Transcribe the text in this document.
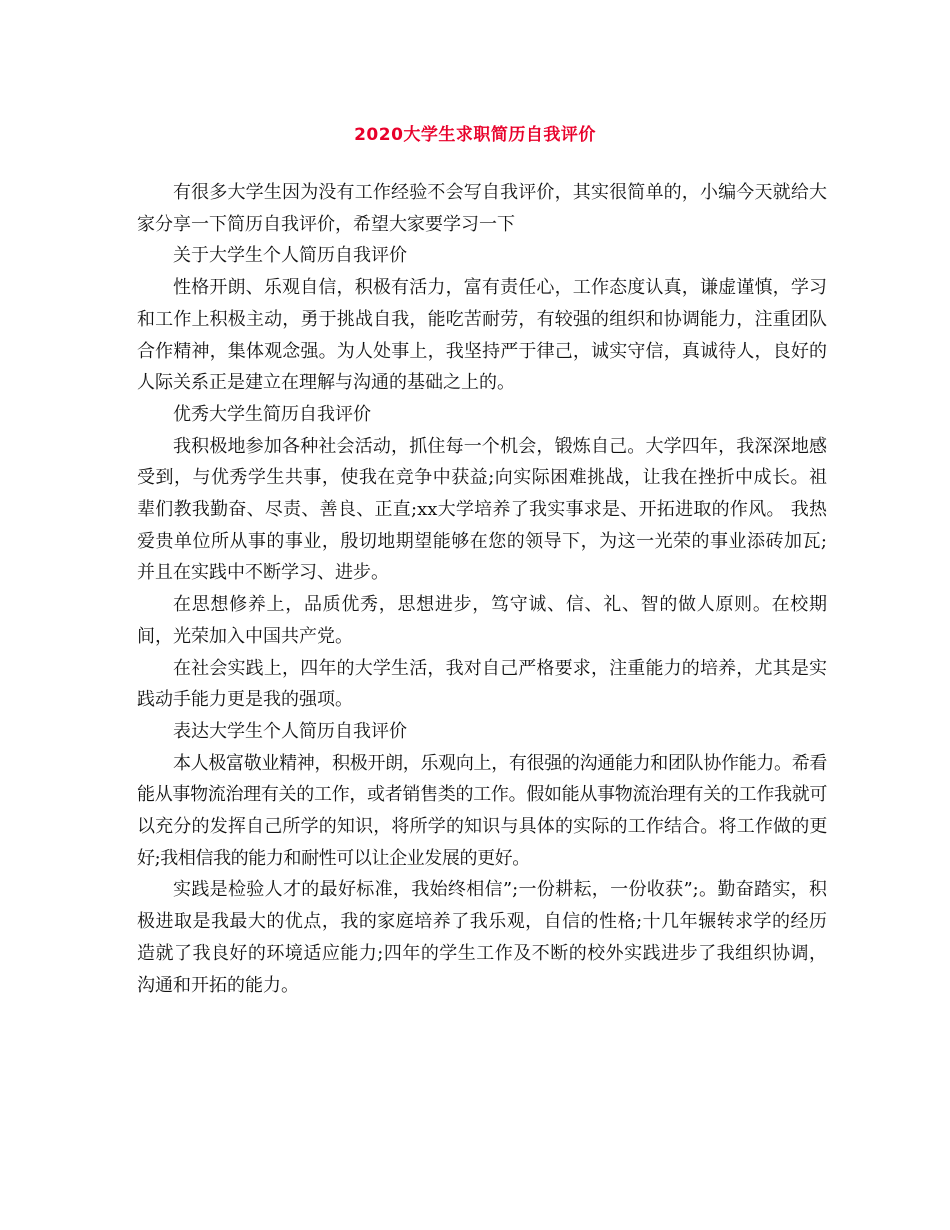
2020大学生求职简历自我评价

有很多大学生因为没有工作经验不会写自我评价，其实很简单的，小编今天就给大家分享一下简历自我评价，希望大家要学习一下

关于大学生个人简历自我评价

性格开朗、乐观自信，积极有活力，富有责任心，工作态度认真，谦虚谨慎，学习和工作上积极主动，勇于挑战自我，能吃苦耐劳，有较强的组织和协调能力，注重团队合作精神，集体观念强。为人处事上，我坚持严于律己，诚实守信，真诚待人，良好的人际关系正是建立在理解与沟通的基础之上的。

优秀大学生简历自我评价

我积极地参加各种社会活动，抓住每一个机会，锻炼自己。大学四年，我深深地感受到，与优秀学生共事，使我在竞争中获益;向实际困难挑战，让我在挫折中成长。祖辈们教我勤奋、尽责、善良、正直;xx大学培养了我实事求是、开拓进取的作风。 我热爱贵单位所从事的事业，殷切地期望能够在您的领导下，为这一光荣的事业添砖加瓦;并且在实践中不断学习、进步。

在思想修养上，品质优秀，思想进步，笃守诚、信、礼、智的做人原则。在校期间，光荣加入中国共产党。

在社会实践上，四年的大学生活，我对自己严格要求，注重能力的培养，尤其是实践动手能力更是我的强项。

表达大学生个人简历自我评价

本人极富敬业精神，积极开朗，乐观向上，有很强的沟通能力和团队协作能力。希看能从事物流治理有关的工作，或者销售类的工作。假如能从事物流治理有关的工作我就可以充分的发挥自己所学的知识，将所学的知识与具体的实际的工作结合。将工作做的更好;我相信我的能力和耐性可以让企业发展的更好。

实践是检验人才的最好标准，我始终相信”;一份耕耘，一份收获”;。勤奋踏实，积极进取是我最大的优点，我的家庭培养了我乐观，自信的性格;十几年辗转求学的经历造就了我良好的环境适应能力;四年的学生工作及不断的校外实践进步了我组织协调，沟通和开拓的能力。
